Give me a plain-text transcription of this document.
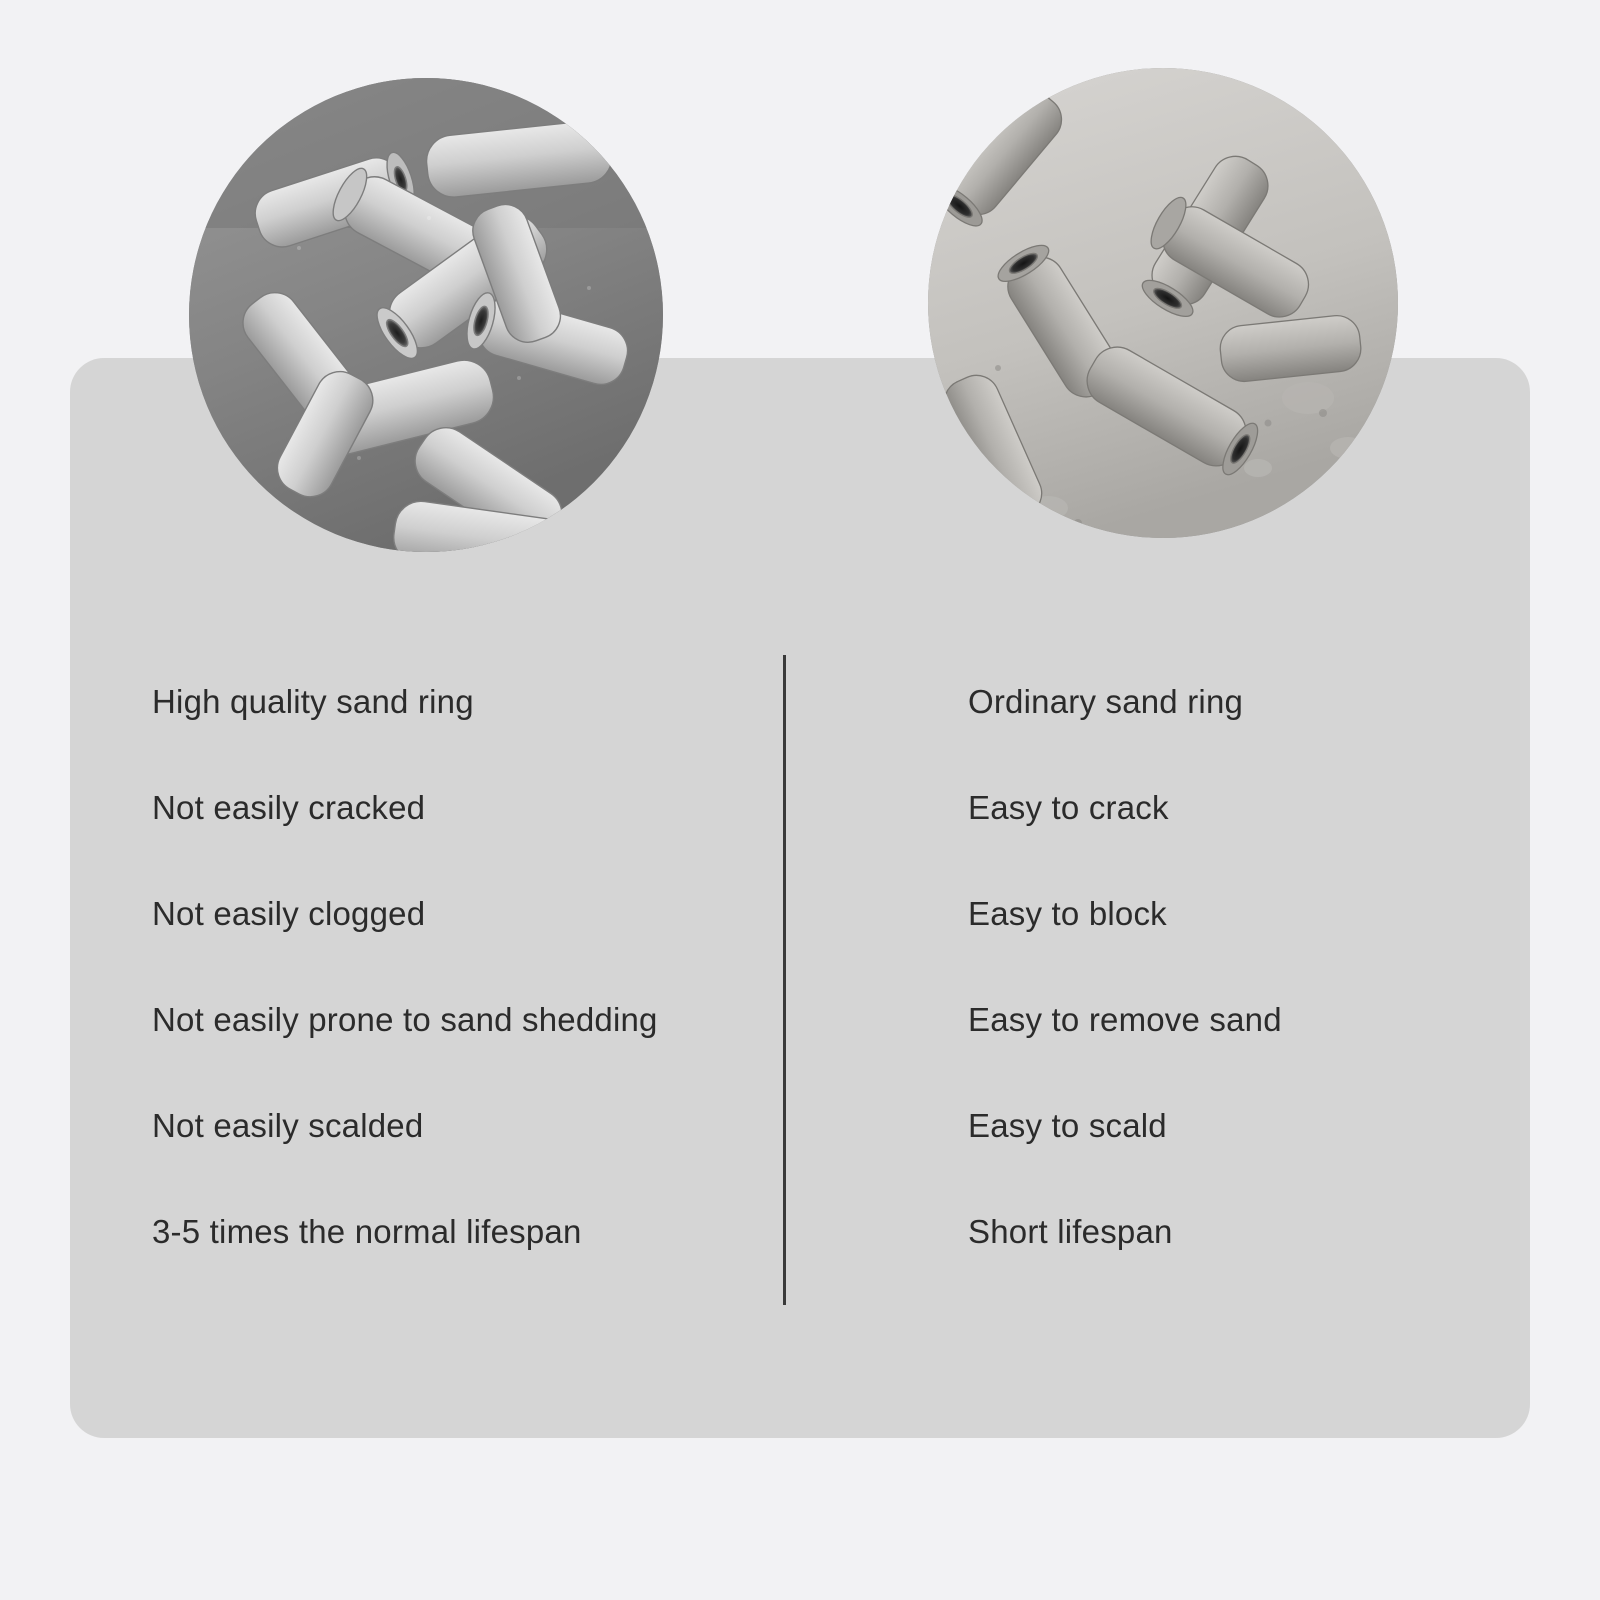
High quality sand ring
Not easily cracked
Not easily clogged
Not easily prone to sand shedding
Not easily scalded
3-5 times the normal lifespan
Ordinary sand ring
Easy to crack
Easy to block
Easy to remove sand
Easy to scald
Short lifespan
